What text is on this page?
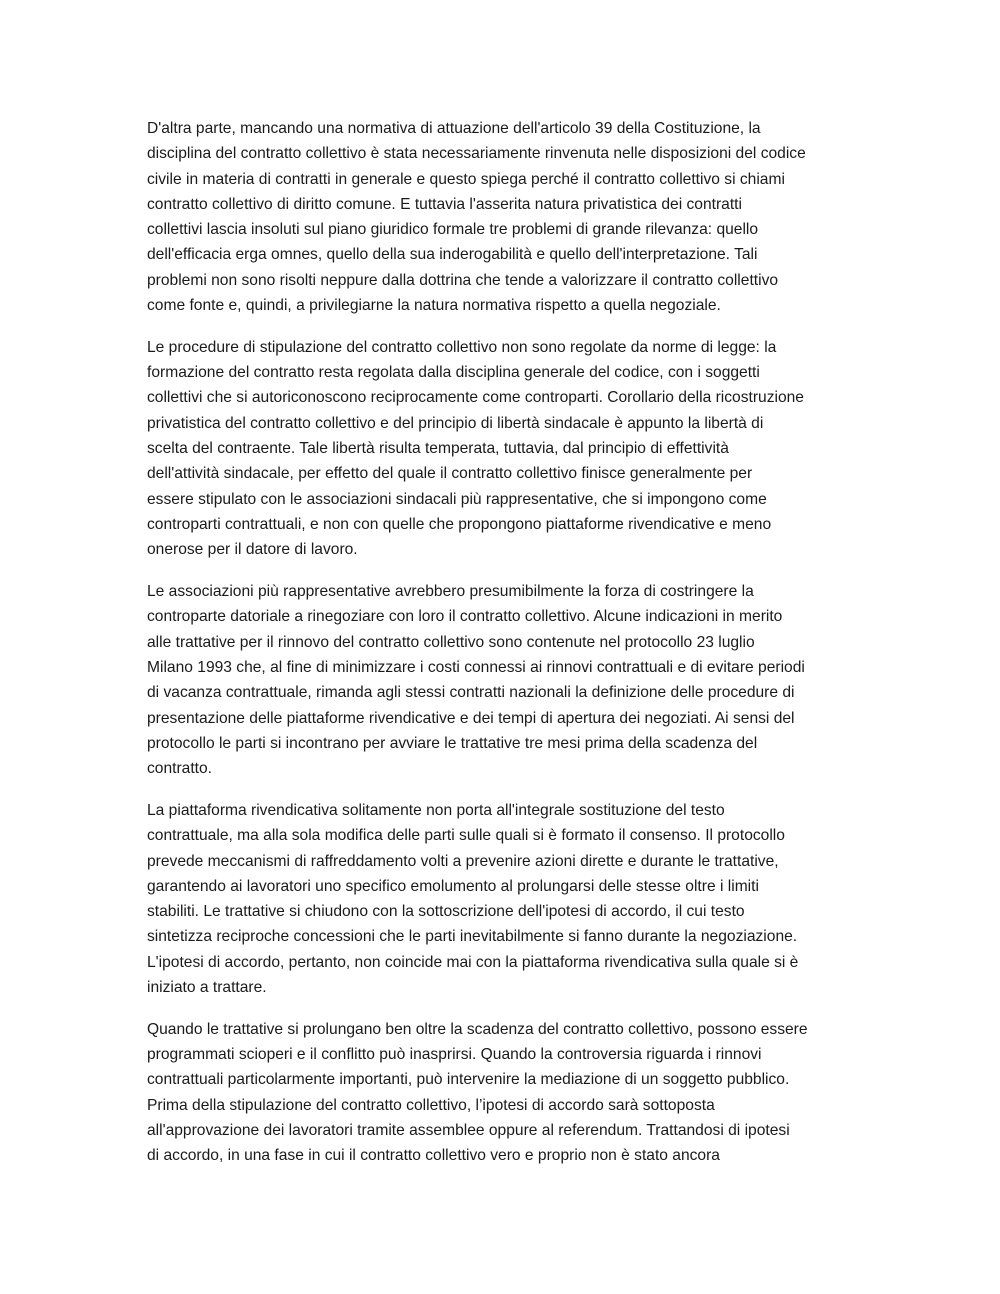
D'altra parte, mancando una normativa di attuazione dell'articolo 39 della Costituzione, la
disciplina del contratto collettivo è stata necessariamente rinvenuta nelle disposizioni del codice
civile in materia di contratti in generale e questo spiega perché il contratto collettivo si chiami
contratto collettivo di diritto comune. E tuttavia l'asserita natura privatistica dei contratti
collettivi lascia insoluti sul piano giuridico formale tre problemi di grande rilevanza: quello
dell'efficacia erga omnes, quello della sua inderogabilità e quello dell'interpretazione. Tali
problemi non sono risolti neppure dalla dottrina che tende a valorizzare il contratto collettivo
come fonte e, quindi, a privilegiarne la natura normativa rispetto a quella negoziale.
Le procedure di stipulazione del contratto collettivo non sono regolate da norme di legge: la
formazione del contratto resta regolata dalla disciplina generale del codice, con i soggetti
collettivi che si autoriconoscono reciprocamente come controparti. Corollario della ricostruzione
privatistica del contratto collettivo e del principio di libertà sindacale è appunto la libertà di
scelta del contraente. Tale libertà risulta temperata, tuttavia, dal principio di effettività
dell'attività sindacale, per effetto del quale il contratto collettivo finisce generalmente per
essere stipulato con le associazioni sindacali più rappresentative, che si impongono come
controparti contrattuali, e non con quelle che propongono piattaforme rivendicative e meno
onerose per il datore di lavoro.
Le associazioni più rappresentative avrebbero presumibilmente la forza di costringere la
controparte datoriale a rinegoziare con loro il contratto collettivo. Alcune indicazioni in merito
alle trattative per il rinnovo del contratto collettivo sono contenute nel protocollo 23 luglio
Milano 1993 che, al fine di minimizzare i costi connessi ai rinnovi contrattuali e di evitare periodi
di vacanza contrattuale, rimanda agli stessi contratti nazionali la definizione delle procedure di
presentazione delle piattaforme rivendicative e dei tempi di apertura dei negoziati. Ai sensi del
protocollo le parti si incontrano per avviare le trattative tre mesi prima della scadenza del
contratto.
La piattaforma rivendicativa solitamente non porta all'integrale sostituzione del testo
contrattuale, ma alla sola modifica delle parti sulle quali si è formato il consenso. Il protocollo
prevede meccanismi di raffreddamento volti a prevenire azioni dirette e durante le trattative,
garantendo ai lavoratori uno specifico emolumento al prolungarsi delle stesse oltre i limiti
stabiliti. Le trattative si chiudono con la sottoscrizione dell'ipotesi di accordo, il cui testo
sintetizza reciproche concessioni che le parti inevitabilmente si fanno durante la negoziazione.
L'ipotesi di accordo, pertanto, non coincide mai con la piattaforma rivendicativa sulla quale si è
iniziato a trattare.
Quando le trattative si prolungano ben oltre la scadenza del contratto collettivo, possono essere
programmati scioperi e il conflitto può inasprirsi. Quando la controversia riguarda i rinnovi
contrattuali particolarmente importanti, può intervenire la mediazione di un soggetto pubblico.
Prima della stipulazione del contratto collettivo, l’ipotesi di accordo sarà sottoposta
all'approvazione dei lavoratori tramite assemblee oppure al referendum. Trattandosi di ipotesi
di accordo, in una fase in cui il contratto collettivo vero e proprio non è stato ancora
